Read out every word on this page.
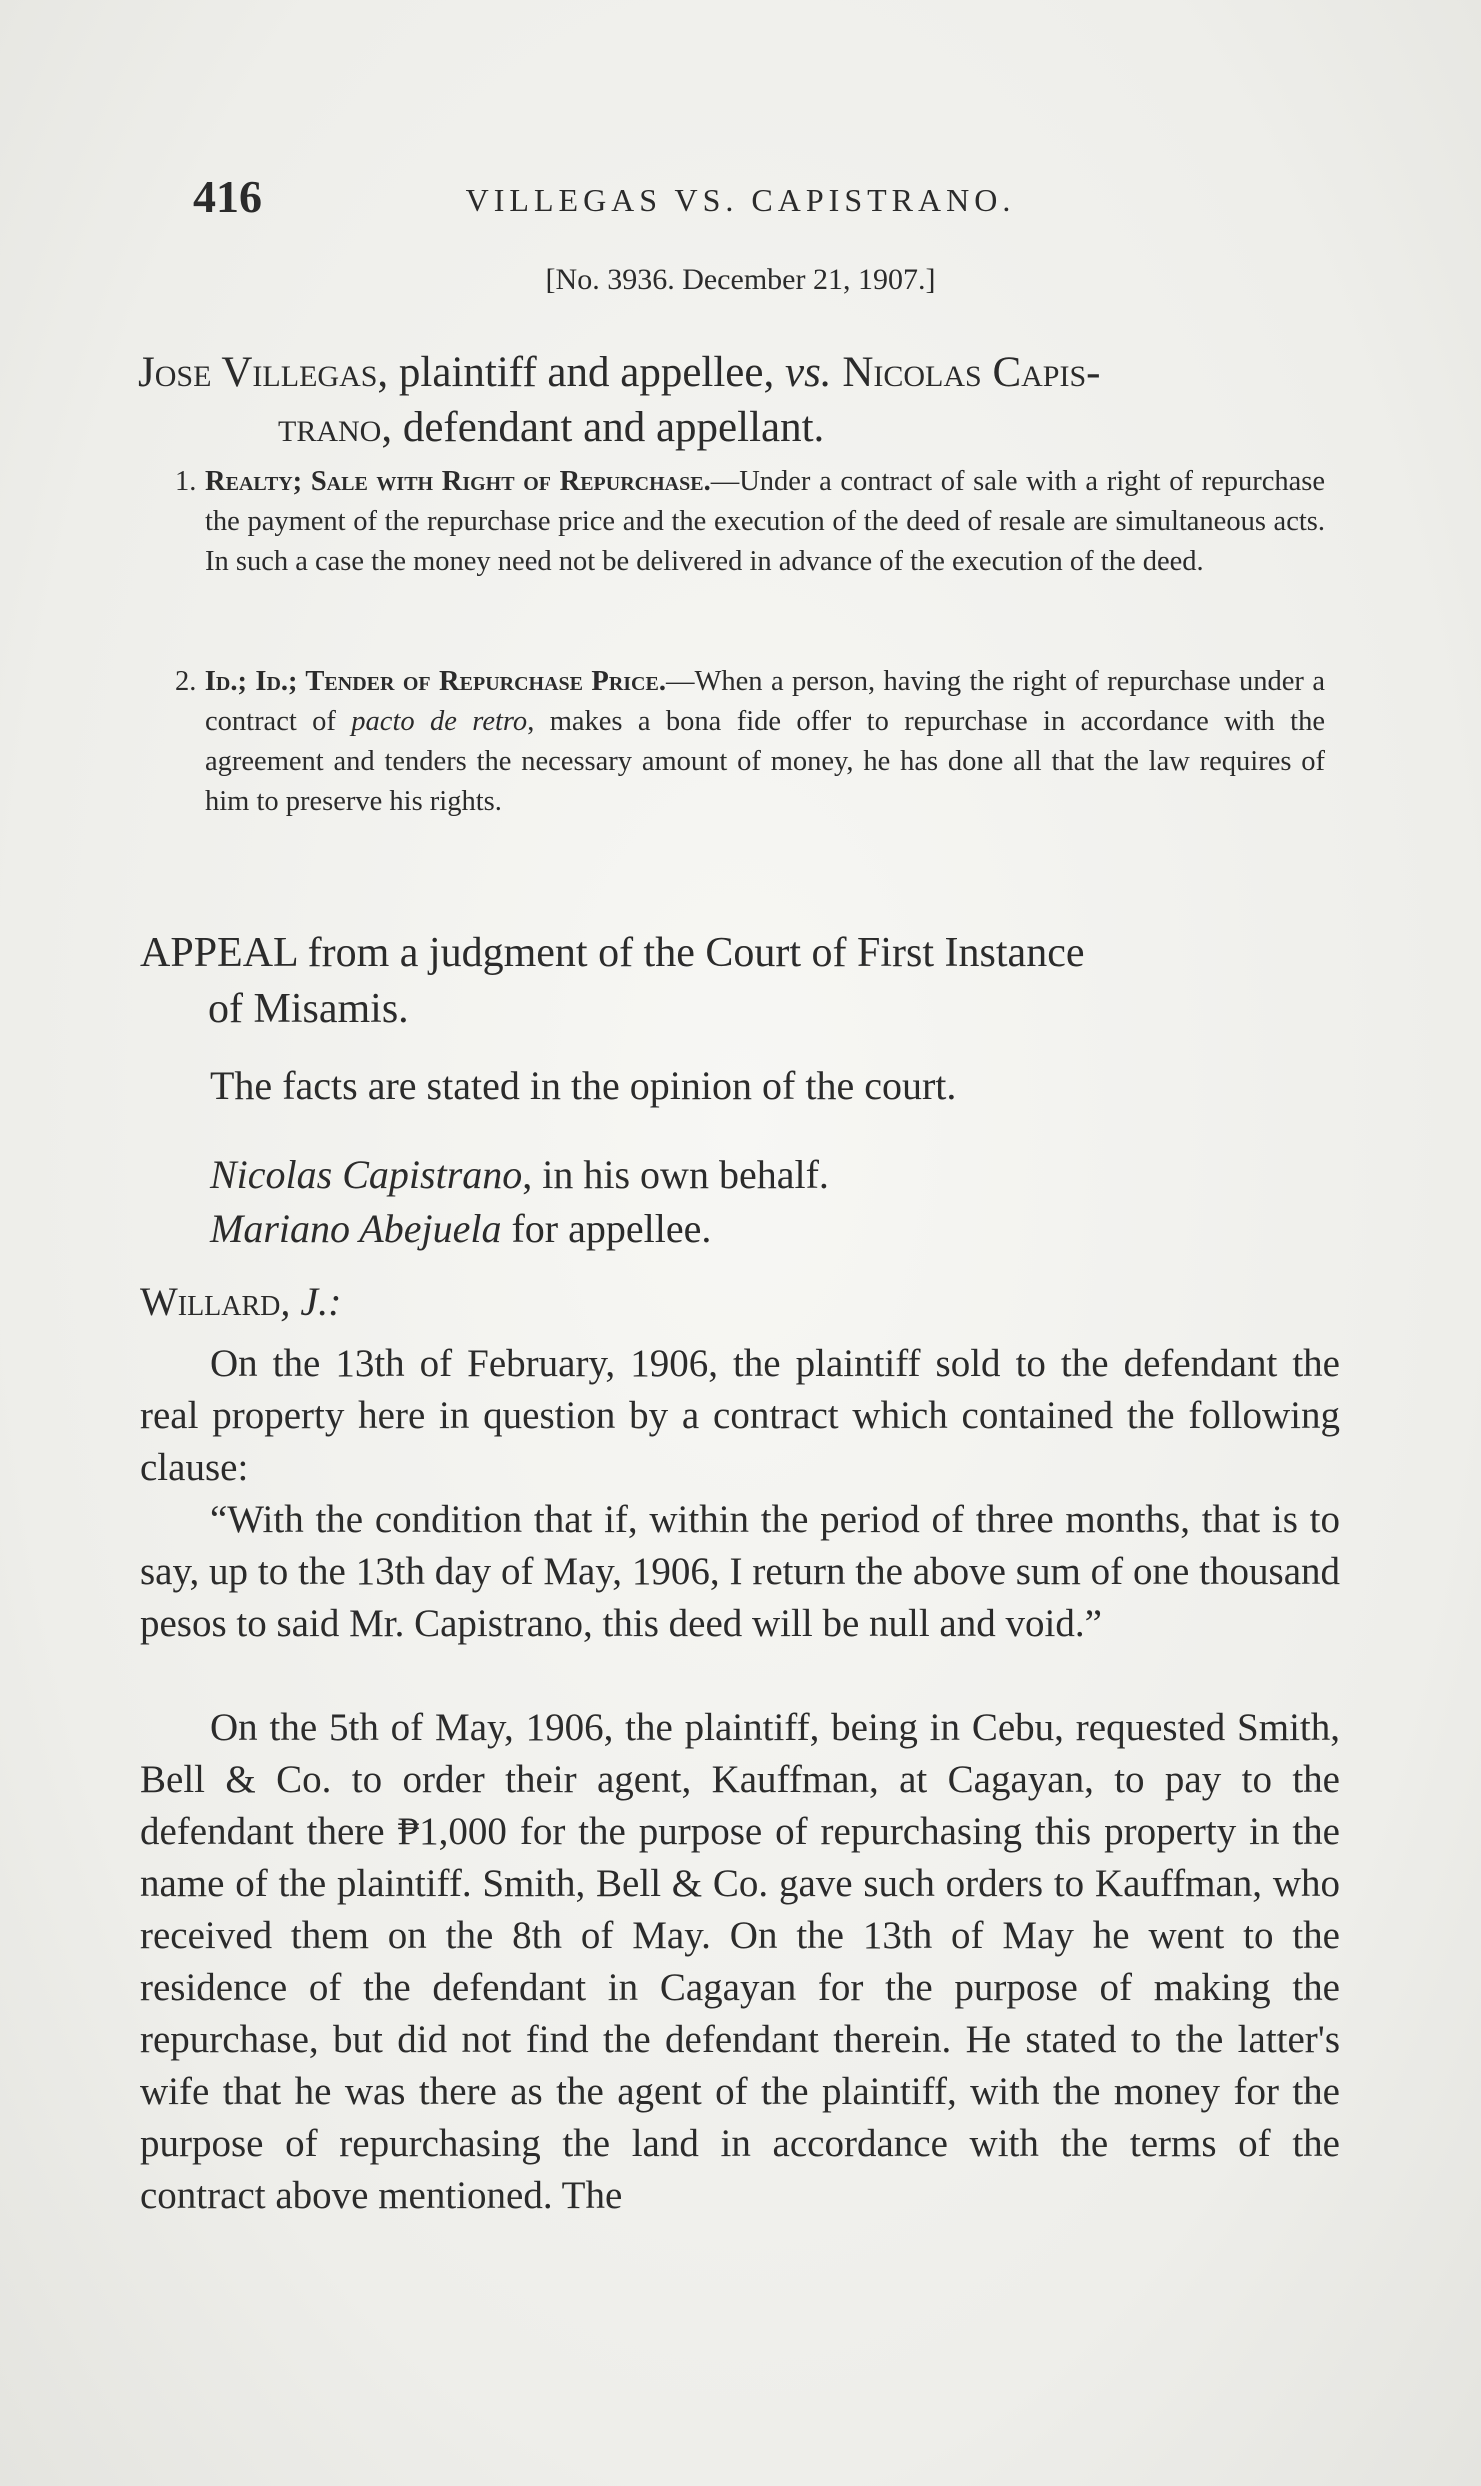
416	VILLEGAS VS. CAPISTRANO.
[No. 3936. December 21, 1907.]
Jose Villegas, plaintiff and appellee, vs. Nicolas Capis-
trano, defendant and appellant.

1. Realty; Sale with Right of Repurchase.—Under a contract of sale with a right of repurchase the payment of the repurchase price and the execution of the deed of resale are simultaneous acts. In such a case the money need not be delivered in advance of the execution of the deed.

2. Id.; Id.; Tender of Repurchase Price.—When a person, having the right of repurchase under a contract of pacto de retro, makes a bona fide offer to repurchase in accordance with the agreement and tenders the necessary amount of money, he has done all that the law requires of him to preserve his rights.

APPEAL from a judgment of the Court of First Instance
of Misamis.
The facts are stated in the opinion of the court.
Nicolas Capistrano, in his own behalf.
Mariano Abejuela for appellee.
Willard, J.:

On the 13th of February, 1906, the plaintiff sold to the defendant the real property here in question by a contract which contained the following clause:

“With the condition that if, within the period of three months, that is to say, up to the 13th day of May, 1906, I return the above sum of one thousand pesos to said Mr. Capistrano, this deed will be null and void.”

On the 5th of May, 1906, the plaintiff, being in Cebu, requested Smith, Bell & Co. to order their agent, Kauffman, at Cagayan, to pay to the defendant there ₱1,000 for the purpose of repurchasing this property in the name of the plaintiff. Smith, Bell & Co. gave such orders to Kauffman, who received them on the 8th of May. On the 13th of May he went to the residence of the defendant in Cagayan for the purpose of making the repurchase, but did not find the defendant therein. He stated to the latter's wife that he was there as the agent of the plaintiff, with the money for the purpose of repurchasing the land in accordance with the terms of the contract above mentioned. The
